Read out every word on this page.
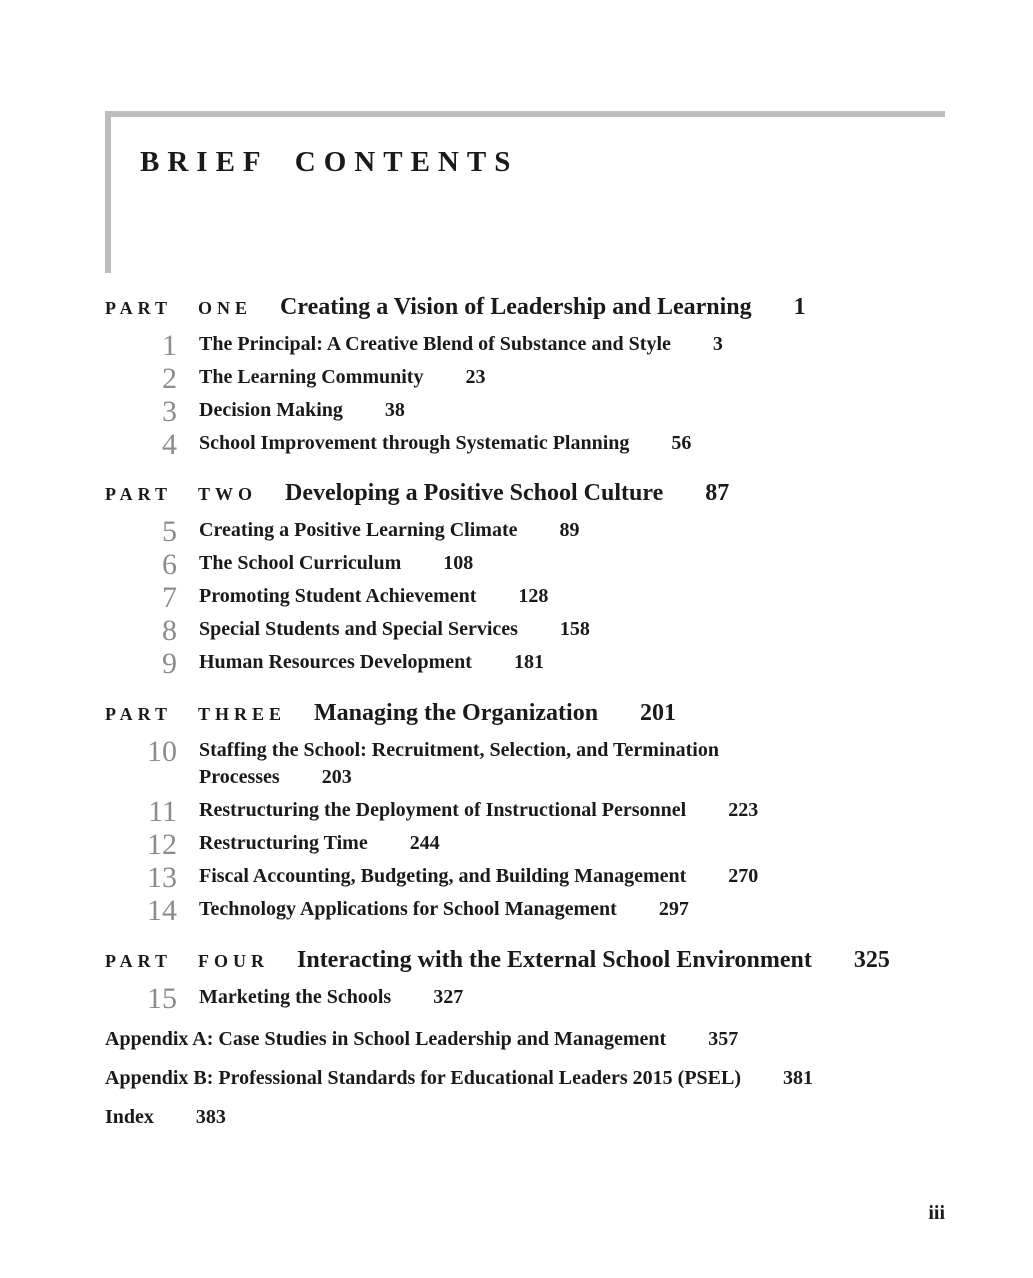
BRIEF CONTENTS
PART ONE Creating a Vision of Leadership and Learning 1
1 The Principal: A Creative Blend of Substance and Style 3
2 The Learning Community 23
3 Decision Making 38
4 School Improvement through Systematic Planning 56
PART TWO Developing a Positive School Culture 87
5 Creating a Positive Learning Climate 89
6 The School Curriculum 108
7 Promoting Student Achievement 128
8 Special Students and Special Services 158
9 Human Resources Development 181
PART THREE Managing the Organization 201
10 Staffing the School: Recruitment, Selection, and Termination Processes 203
11 Restructuring the Deployment of Instructional Personnel 223
12 Restructuring Time 244
13 Fiscal Accounting, Budgeting, and Building Management 270
14 Technology Applications for School Management 297
PART FOUR Interacting with the External School Environment 325
15 Marketing the Schools 327
Appendix A: Case Studies in School Leadership and Management 357
Appendix B: Professional Standards for Educational Leaders 2015 (PSEL) 381
Index 383
iii
